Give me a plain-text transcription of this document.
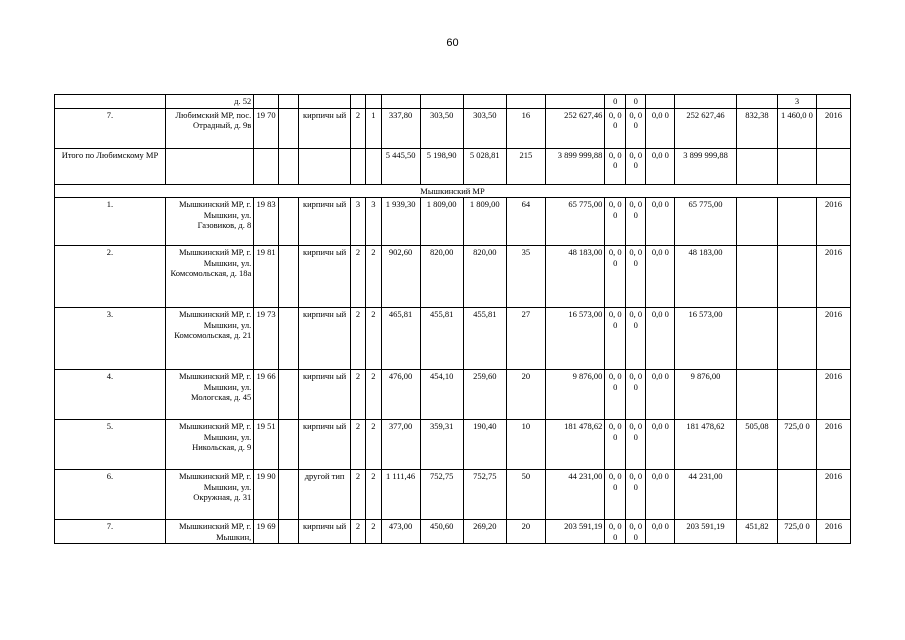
60
	д. 52											0	0				3	
7.	Любимский МР, пос. Отрадный, д. 9в	19 70		кирпичн ый	2	1	337,80	303,50	303,50	16	252 627,46	0, 0 0	0, 0 0	0,0 0	252 627,46	832,38	1 460,0 0	2016
Итого по Любимскому МР							5 445,50	5 198,90	5 028,81	215	3 899 999,88	0, 0 0	0, 0 0	0,0 0	3 899 999,88			
Мышкинский МР																		
1.	Мышкинский МР, г. Мышкин, ул. Газовиков, д. 8	19 83		кирпичн ый	3	3	1 939,30	1 809,00	1 809,00	64	65 775,00	0, 0 0	0, 0 0	0,0 0	65 775,00			2016
2.	Мышкинский МР, г. Мышкин, ул. Комсомольская, д. 18а	19 81		кирпичн ый	2	2	902,60	820,00	820,00	35	48 183,00	0, 0 0	0, 0 0	0,0 0	48 183,00			2016
3.	Мышкинский МР, г. Мышкин, ул. Комсомольская, д. 21	19 73		кирпичн ый	2	2	465,81	455,81	455,81	27	16 573,00	0, 0 0	0, 0 0	0,0 0	16 573,00			2016
4.	Мышкинский МР, г. Мышкин, ул. Мологская, д. 45	19 66		кирпичн ый	2	2	476,00	454,10	259,60	20	9 876,00	0, 0 0	0, 0 0	0,0 0	9 876,00			2016
5.	Мышкинский МР, г. Мышкин, ул. Никольская, д. 9	19 51		кирпичн ый	2	2	377,00	359,31	190,40	10	181 478,62	0, 0 0	0, 0 0	0,0 0	181 478,62	505,08	725,0 0	2016
6.	Мышкинский МР, г. Мышкин, ул. Окружная, д. 31	19 90		другой тип	2	2	1 111,46	752,75	752,75	50	44 231,00	0, 0 0	0, 0 0	0,0 0	44 231,00			2016
7.	Мышкинский МР, г. Мышкин,	19 69		кирпичн ый	2	2	473,00	450,60	269,20	20	203 591,19	0, 0 0	0, 0 0	0,0 0	203 591,19	451,82	725,0 0	2016
